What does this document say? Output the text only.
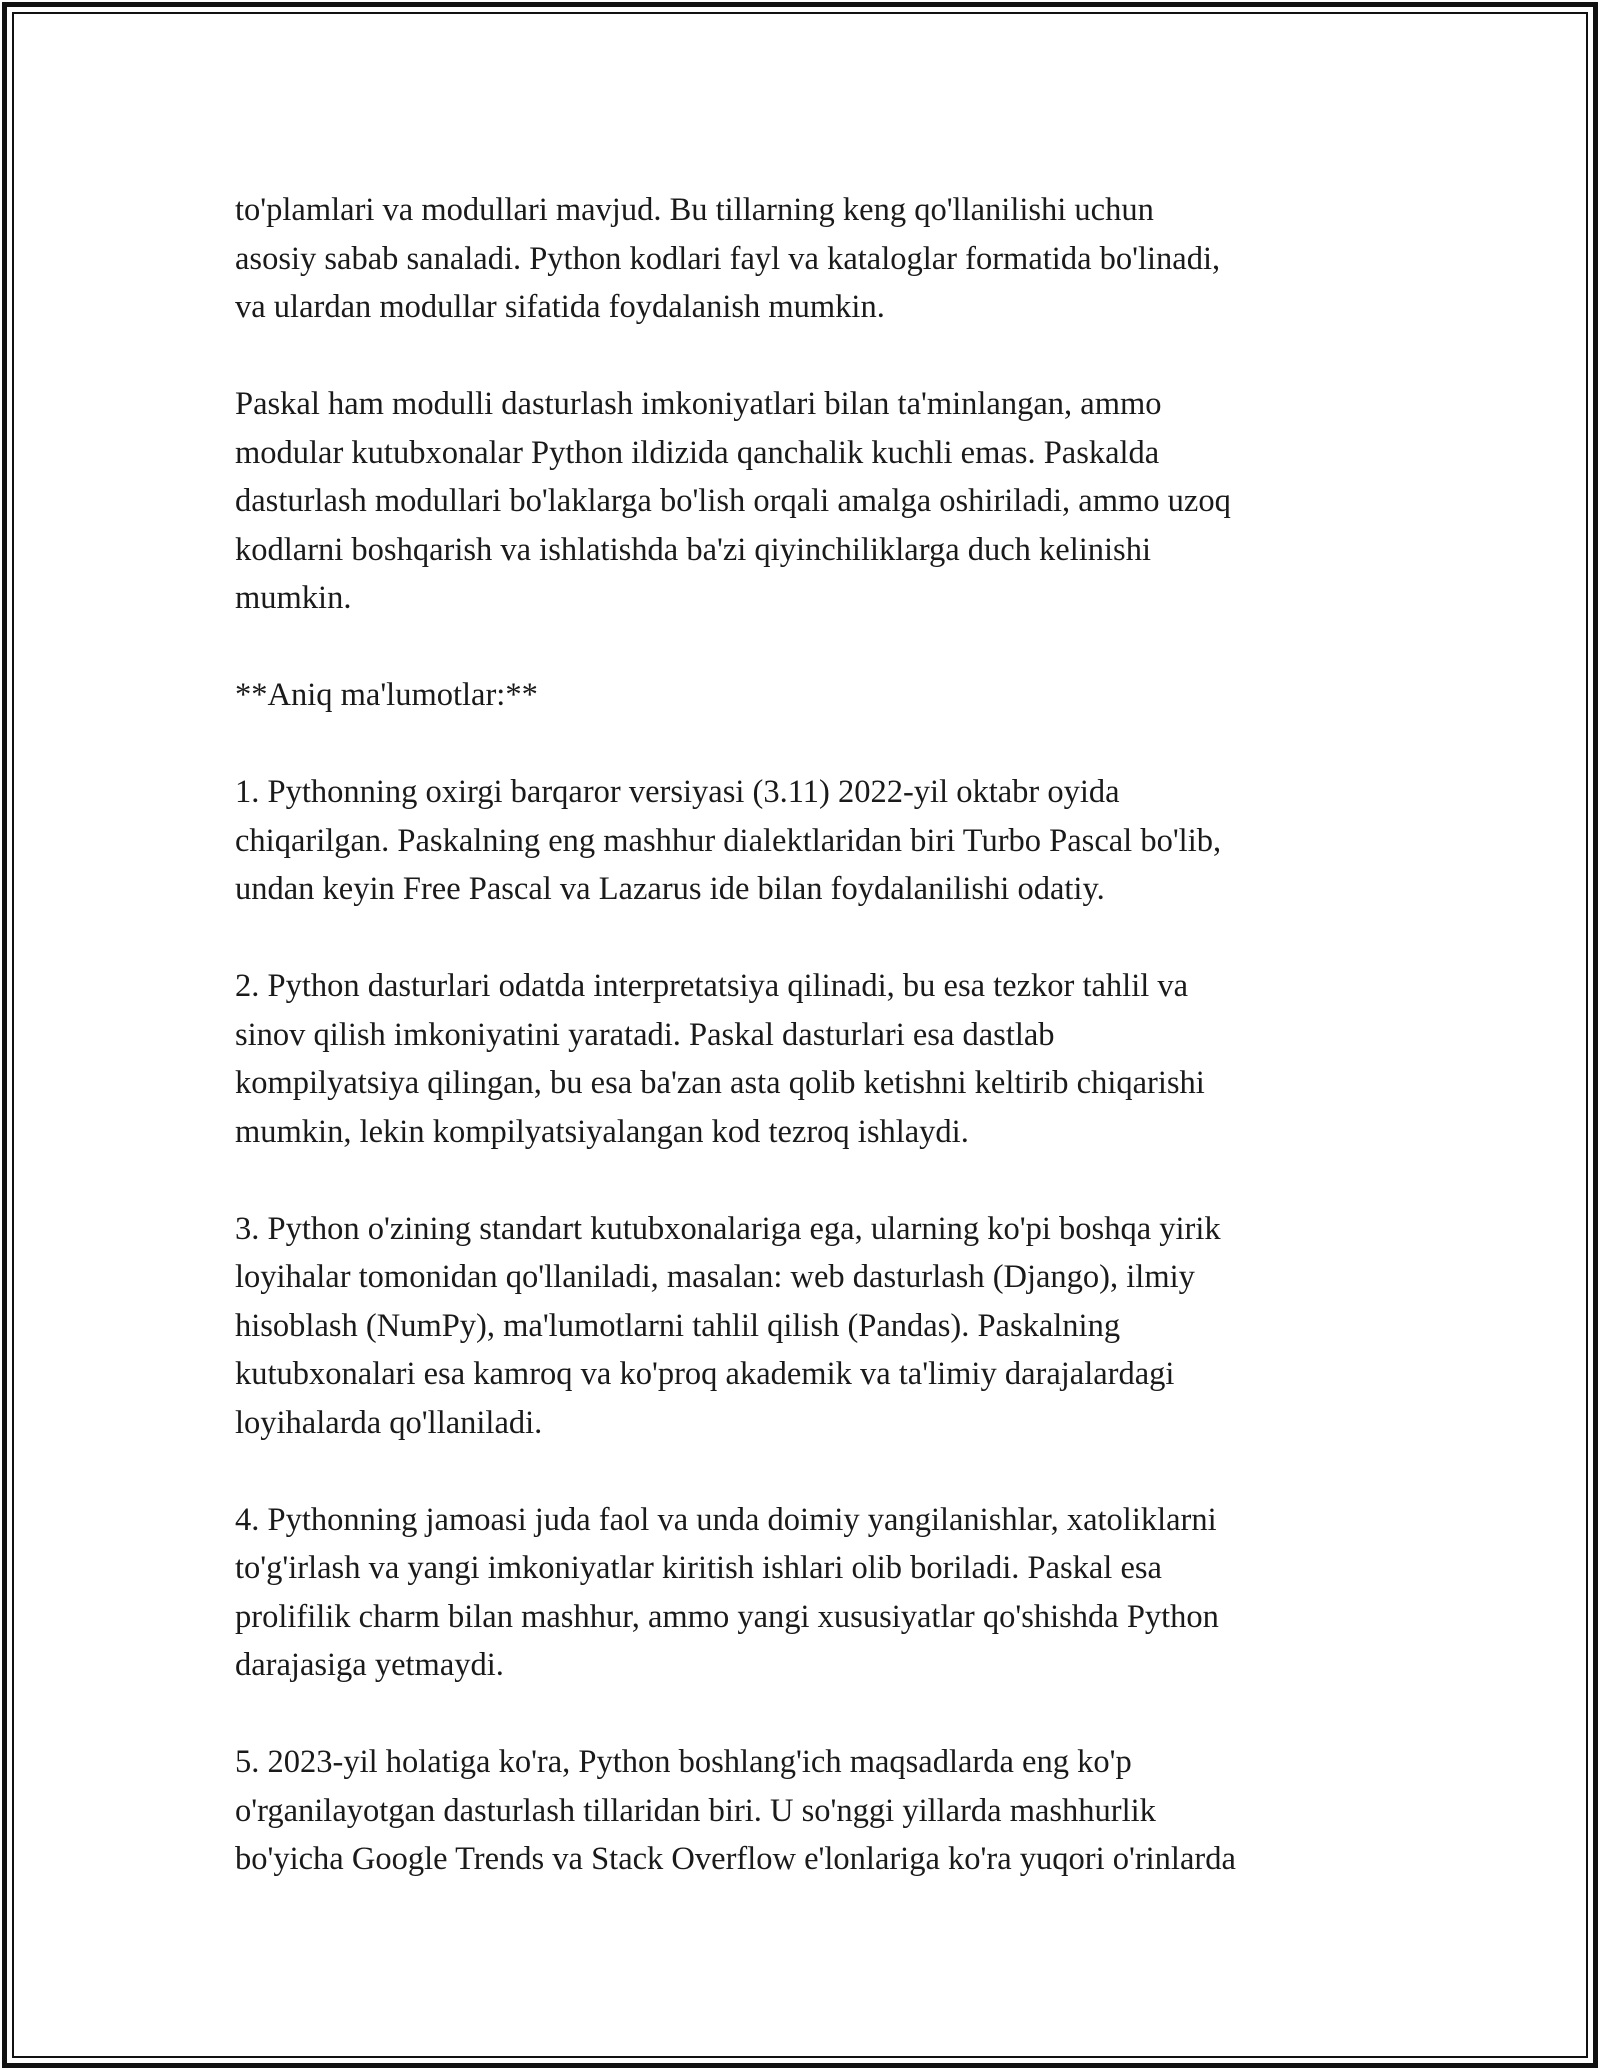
to'plamlari va modullari mavjud. Bu tillarning keng qo'llanilishi uchun
asosiy sabab sanaladi. Python kodlari fayl va kataloglar formatida bo'linadi,
va ulardan modullar sifatida foydalanish mumkin.

Paskal ham modulli dasturlash imkoniyatlari bilan ta'minlangan, ammo
modular kutubxonalar Python ildizida qanchalik kuchli emas. Paskalda
dasturlash modullari bo'laklarga bo'lish orqali amalga oshiriladi, ammo uzoq
kodlarni boshqarish va ishlatishda ba'zi qiyinchiliklarga duch kelinishi
mumkin.

**Aniq ma'lumotlar:**

1. Pythonning oxirgi barqaror versiyasi (3.11) 2022-yil oktabr oyida
chiqarilgan. Paskalning eng mashhur dialektlaridan biri Turbo Pascal bo'lib,
undan keyin Free Pascal va Lazarus ide bilan foydalanilishi odatiy.

2. Python dasturlari odatda interpretatsiya qilinadi, bu esa tezkor tahlil va
sinov qilish imkoniyatini yaratadi. Paskal dasturlari esa dastlab
kompilyatsiya qilingan, bu esa ba'zan asta qolib ketishni keltirib chiqarishi
mumkin, lekin kompilyatsiyalangan kod tezroq ishlaydi.

3. Python o'zining standart kutubxonalariga ega, ularning ko'pi boshqa yirik
loyihalar tomonidan qo'llaniladi, masalan: web dasturlash (Django), ilmiy
hisoblash (NumPy), ma'lumotlarni tahlil qilish (Pandas). Paskalning
kutubxonalari esa kamroq va ko'proq akademik va ta'limiy darajalardagi
loyihalarda qo'llaniladi.

4. Pythonning jamoasi juda faol va unda doimiy yangilanishlar, xatoliklarni
to'g'irlash va yangi imkoniyatlar kiritish ishlari olib boriladi. Paskal esa
prolifilik charm bilan mashhur, ammo yangi xususiyatlar qo'shishda Python
darajasiga yetmaydi.

5. 2023-yil holatiga ko'ra, Python boshlang'ich maqsadlarda eng ko'p
o'rganilayotgan dasturlash tillaridan biri. U so'nggi yillarda mashhurlik
bo'yicha Google Trends va Stack Overflow e'lonlariga ko'ra yuqori o'rinlarda
